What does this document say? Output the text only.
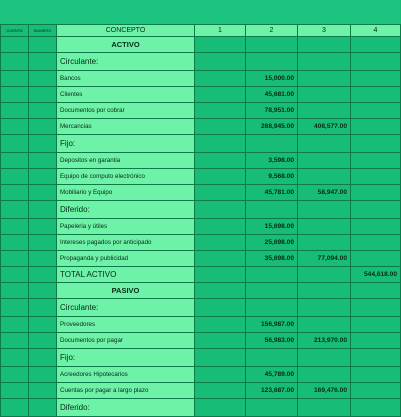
CUENTA	NUMERO	CONCEPTO	1	2	3	4
		ACTIVO				
		Circulante:				
		Bancos		15,000.00		
		Clientes		45,681.00		
		Documentos por cobrar		78,951.00		
		Mercancias		268,945.00	408,577.00	
		Fijo:				
		Depositos en garantia		3,598.00		
		Equipo de computo electrónico		9,568.00		
		Mobiliario y Equipo		45,781.00	58,947.00	
		Diferido:				
		Papeleria y útiles		15,698.00		
		Intereses pagados por anticipado		25,698.00		
		Propaganda y publicidad		35,698.00	77,094.00	
		TOTAL ACTIVO				544,618.00
		PASIVO				
		Circulante:				
		Proveedores		156,987.00		
		Documentos por pagar		56,983.00	213,970.00	
		Fijo:				
		Acreedores Hipotecarios		45,789.00		
		Cuentas por pagar a largo plazo		123,687.00	169,476.00	
		Diferido:				
